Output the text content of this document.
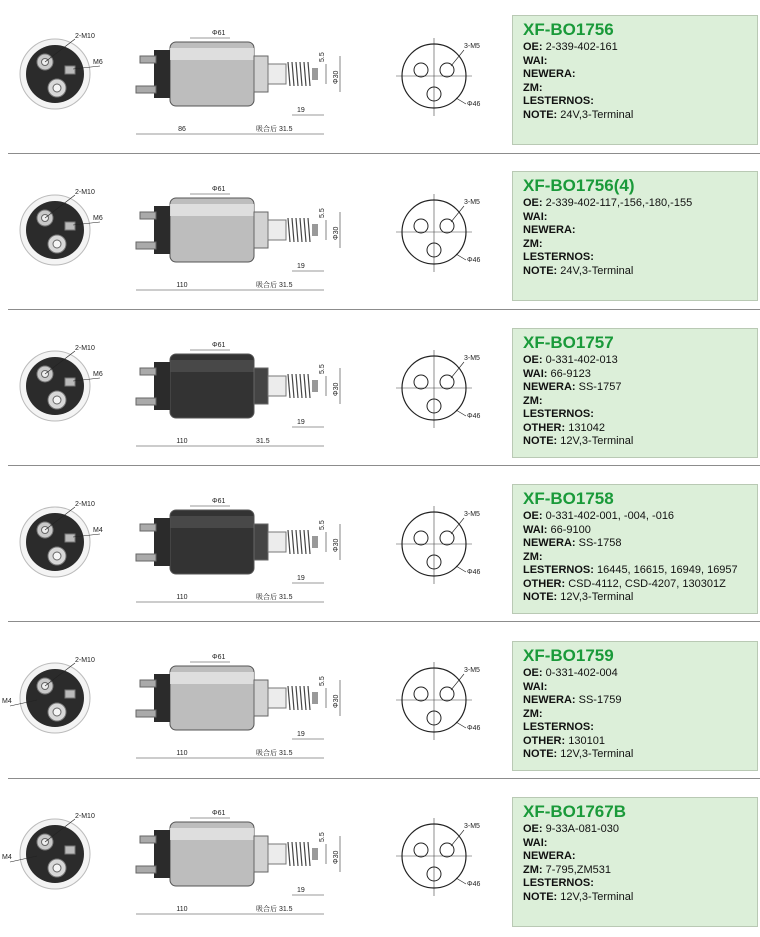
2-M10
M6
Φ61
86	吸合后 31.5
19
5.5
Φ30
3-M5
Φ46
XF-BO1756
OE: 2-339-402-161
WAI:
NEWERA:
ZM:
LESTERNOS:
NOTE: 24V,3-Terminal
2-M10
M6
Φ61
110	吸合后 31.5
19
5.5
Φ30
3-M5
Φ46
XF-BO1756(4)
OE: 2-339-402-117,-156,-180,-155
WAI:
NEWERA:
ZM:
LESTERNOS:
NOTE: 24V,3-Terminal
2-M10
M6
Φ61
110	31.5
19
5.5
Φ30
3-M5
Φ46
XF-BO1757
OE: 0-331-402-013
WAI: 66-9123
NEWERA: SS-1757
ZM:
LESTERNOS:
OTHER: 131042
NOTE: 12V,3-Terminal
2-M10
M4
Φ61
110	吸合后 31.5
19
5.5
Φ30
3-M5
Φ46
XF-BO1758
OE: 0-331-402-001, -004, -016
WAI: 66-9100
NEWERA: SS-1758
ZM:
LESTERNOS: 16445, 16615, 16949, 16957
OTHER: CSD-4112, CSD-4207, 130301Z
NOTE: 12V,3-Terminal
2-M10
M4
Φ61
110	吸合后 31.5
19
5.5
Φ30
3-M5
Φ46
XF-BO1759
OE: 0-331-402-004
WAI:
NEWERA: SS-1759
ZM:
LESTERNOS:
OTHER: 130101
NOTE: 12V,3-Terminal
2-M10
M4
Φ61
110	吸合后 31.5
19
5.5
Φ30
3-M5
Φ46
XF-BO1767B
OE: 9-33A-081-030
WAI:
NEWERA:
ZM: 7-795,ZM531
LESTERNOS:
NOTE: 12V,3-Terminal
